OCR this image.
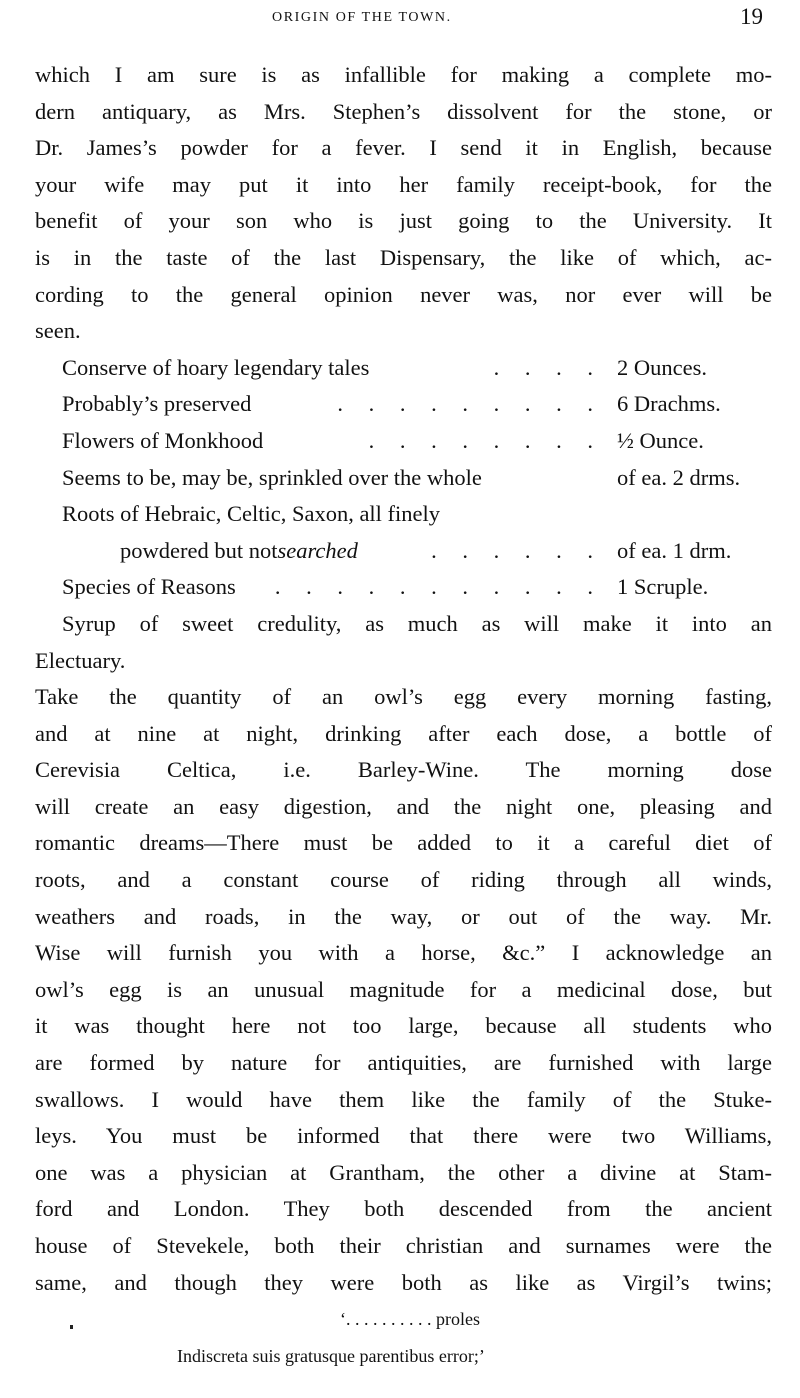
ORIGIN OF THE TOWN.	19
which I am sure is as infallible for making a complete mo-
dern antiquary, as Mrs. Stephen’s dissolvent for the stone, or
Dr. James’s powder for a fever. I send it in English, because
your wife may put it into her family receipt-book, for the
benefit of your son who is just going to the University. It
is in the taste of the last Dispensary, the like of which, ac-
cording to the general opinion never was, nor ever will be
seen.
Conserve of hoary legendary tales	. . . . 2 Ounces.
Probably’s preserved	. . . . . . . . . 6 Drachms.
Flowers of Monkhood	. . . . . . . . ½ Ounce.
Seems to be, may be, sprinkled over the whole	of ea. 2 drms.
Roots of Hebraic, Celtic, Saxon, all finely
powdered but not searched	. . . . . . of ea. 1 drm.
Species of Reasons	. . . . . . . . . . . 1 Scruple.
Syrup of sweet credulity, as much as will make it into an
Electuary.
Take the quantity of an owl’s egg every morning fasting,
and at nine at night, drinking after each dose, a bottle of
Cerevisia Celtica, i.e. Barley-Wine. The morning dose
will create an easy digestion, and the night one, pleasing and
romantic dreams—There must be added to it a careful diet of
roots, and a constant course of riding through all winds,
weathers and roads, in the way, or out of the way. Mr.
Wise will furnish you with a horse, &c.” I acknowledge an
owl’s egg is an unusual magnitude for a medicinal dose, but
it was thought here not too large, because all students who
are formed by nature for antiquities, are furnished with large
swallows. I would have them like the family of the Stuke-
leys. You must be informed that there were two Williams,
one was a physician at Grantham, the other a divine at Stam-
ford and London. They both descended from the ancient
house of Stevekele, both their christian and surnames were the
same, and though they were both as like as Virgil’s twins;
‘. . . . . . . . . . proles
Indiscreta suis gratusque parentibus error;’
